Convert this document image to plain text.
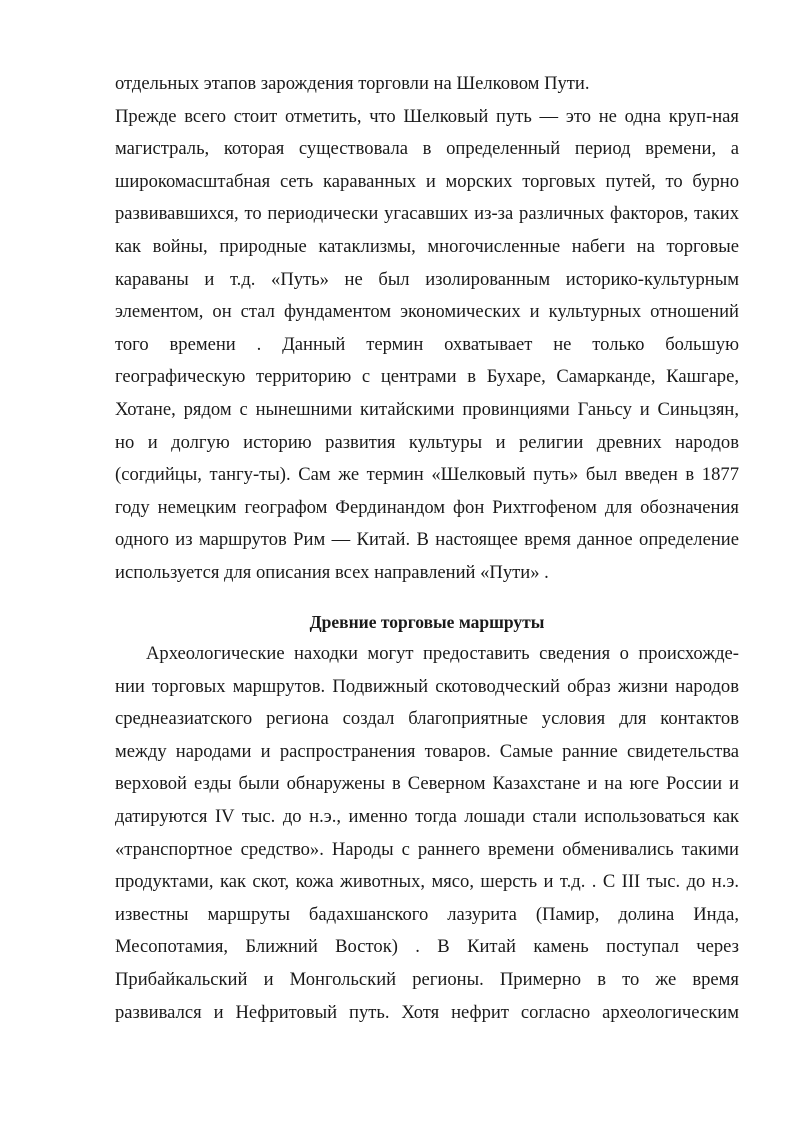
отдельных этапов зарождения торговли на Шелковом Пути.
Прежде всего стоит отметить, что Шелковый путь — это не одна круп-ная
магистраль, которая существовала в определенный период времени, а
широкомасштабная сеть караванных и морских торговых путей, то бурно
развивавшихся, то периодически угасавших из-за различных факторов, таких
как войны, природные катаклизмы, многочисленные набеги на торговые
караваны и т.д. «Путь» не был изолированным историко-культурным
элементом, он стал фундаментом экономических и культурных отношений
того времени . Данный термин охватывает не только большую
географическую территорию с центрами в Бухаре, Самарканде, Кашгаре,
Хотане, рядом с нынешними китайскими провинциями Ганьсу и Синьцзян,
но и долгую историю развития культуры и религии древних народов
(согдийцы, тангу-ты). Сам же термин «Шелковый путь» был введен в 1877
году немецким географом Фердинандом фон Рихтгофеном для обозначения
одного из маршрутов Рим — Китай. В настоящее время данное определение
используется для описания всех направлений «Пути» .
Древние торговые маршруты
Археологические находки могут предоставить сведения о происхожде-
нии торговых маршрутов. Подвижный скотоводческий образ жизни народов
среднеазиатского региона создал благоприятные условия для контактов
между народами и распространения товаров. Самые ранние свидетельства
верховой езды были обнаружены в Северном Казахстане и на юге России и
датируются IV тыс. до н.э., именно тогда лошади стали использоваться как
«транспортное средство». Народы с раннего времени обменивались такими
продуктами, как скот, кожа животных, мясо, шерсть и т.д. . С III тыс. до н.э.
известны маршруты бадахшанского лазурита (Памир, долина Инда,
Месопотамия, Ближний Восток) . В Китай камень поступал через
Прибайкальский и Монгольский регионы. Примерно в то же время
развивался и Нефритовый путь. Хотя нефрит согласно археологическим
